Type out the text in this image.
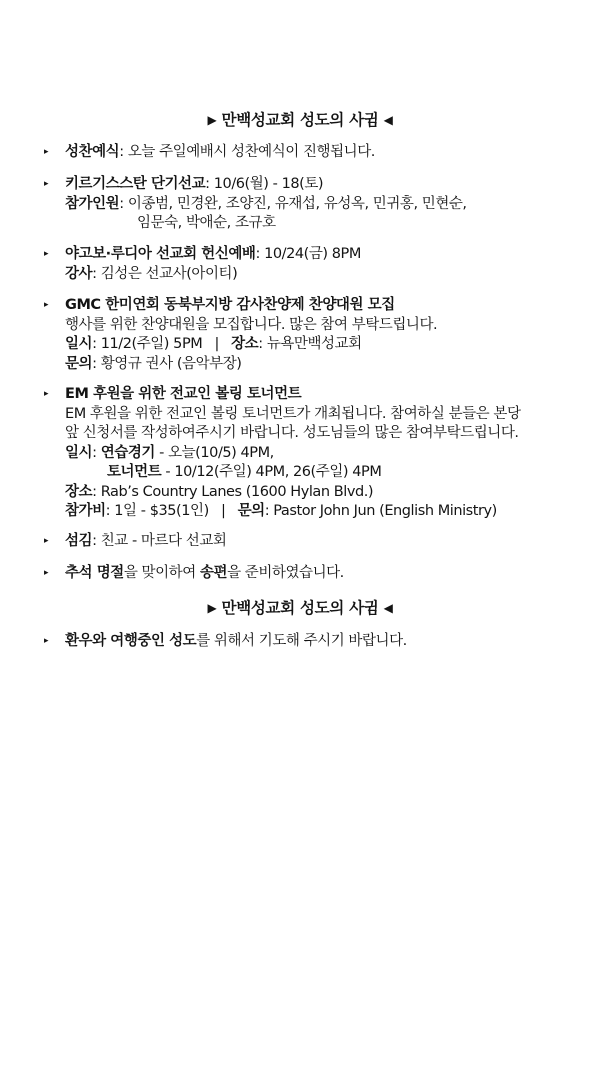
▶ 만백성교회 성도의 사귐 ◀
▸ 성찬예식: 오늘 주일예배시 성찬예식이 진행됩니다.
▸ 키르기스스탄 단기선교: 10/6(월) - 18(토)
참가인원: 이종범, 민경완, 조양진, 유재섭, 유성옥, 민귀홍, 민현순,
임문숙, 박애순, 조규호
▸ 야고보·루디아 선교회 헌신예배: 10/24(금) 8PM
강사: 김성은 선교사(아이티)
▸ GMC 한미연회 동북부지방 감사찬양제 찬양대원 모집
행사를 위한 찬양대원을 모집합니다. 많은 참여 부탁드립니다.
일시: 11/2(주일) 5PM | 장소: 뉴욕만백성교회
문의: 황영규 권사 (음악부장)
▸ EM 후원을 위한 전교인 볼링 토너먼트
EM 후원을 위한 전교인 볼링 토너먼트가 개최됩니다. 참여하실 분들은 본당
앞 신청서를 작성하여주시기 바랍니다. 성도님들의 많은 참여부탁드립니다.
일시: 연습경기 - 오늘(10/5) 4PM,
토너먼트 - 10/12(주일) 4PM, 26(주일) 4PM
장소: Rab’s Country Lanes (1600 Hylan Blvd.)
참가비: 1일 - $35(1인) | 문의: Pastor John Jun (English Ministry)
▸ 섬김: 친교 - 마르다 선교회
▸ 추석 명절을 맞이하여 송편을 준비하였습니다.
▶ 만백성교회 성도의 사귐 ◀
▸ 환우와 여행중인 성도를 위해서 기도해 주시기 바랍니다.
